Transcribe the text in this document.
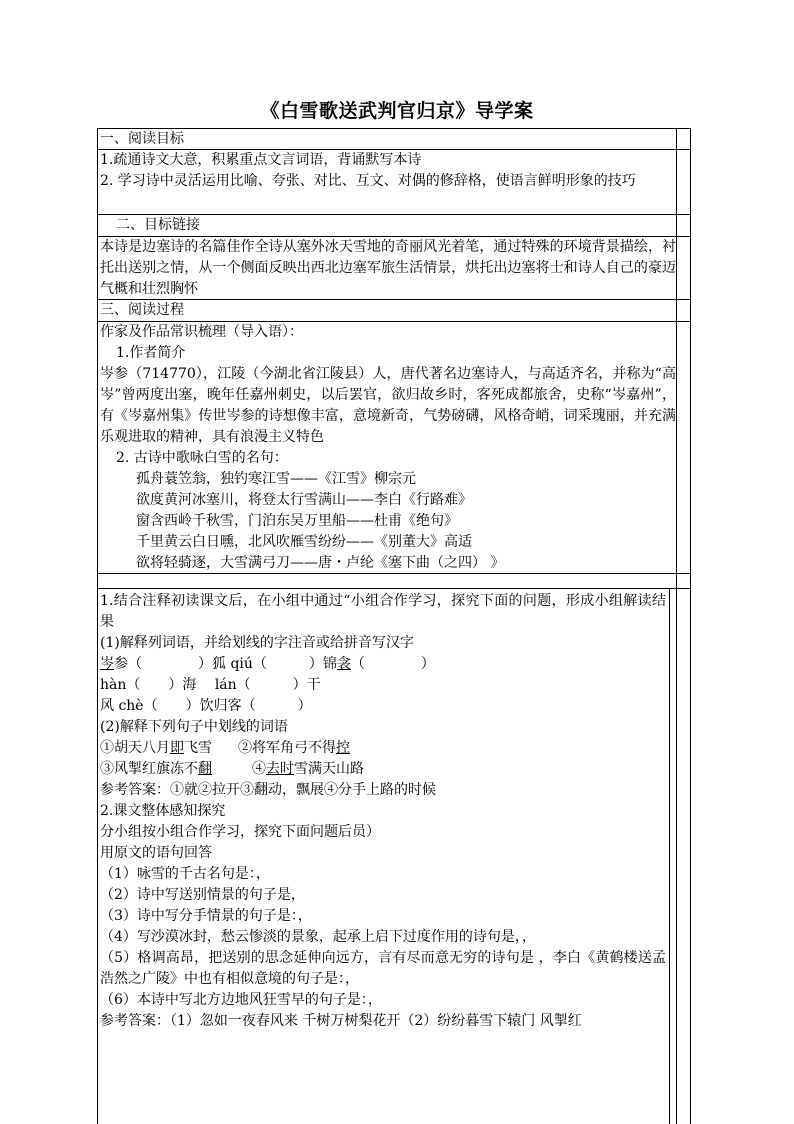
《白雪歌送武判官归京》导学案
一、阅读目标
1.疏通诗文大意，积累重点文言词语，背诵默写本诗
2. 学习诗中灵活运用比喻、夸张、对比、互文、对偶的修辞格，使语言鲜明形象的技巧
二、目标链接
本诗是边塞诗的名篇佳作全诗从塞外冰天雪地的奇丽风光着笔，通过特殊的环境背景描绘，衬托出送别之情，从一个侧面反映出西北边塞军旅生活情景，烘托出边塞将士和诗人自己的豪迈气概和壮烈胸怀
三、阅读过程
作家及作品常识梳理（导入语）：
1.作者简介
岑参（714770），江陵（今湖北省江陵县）人，唐代著名边塞诗人，与高适齐名，并称为“高岑”曾两度出塞，晚年任嘉州刺史，以后罢官，欲归故乡时，客死成都旅舍，史称“岑嘉州”，有《岑嘉州集》传世岑参的诗想像丰富，意境新奇，气势磅礴，风格奇峭，词采瑰丽，并充满乐观进取的精神，具有浪漫主义特色
2. 古诗中歌咏白雪的名句：
孤舟蓑笠翁，独钓寒江雪——《江雪》柳宗元
欲度黄河冰塞川，将登太行雪满山——李白《行路难》
窗含西岭千秋雪，门泊东吴万里船——杜甫《绝句》
千里黄云白日曛，北风吹雁雪纷纷——《别董大》高适
欲将轻骑逐，大雪满弓刀——唐・卢纶《塞下曲（之四） 》
1.结合注释初读课文后，在小组中通过“小组合作学习，探究下面的问题，形成小组解读结果
(1)解释列词语，并给划线的字注音或给拼音写汉字
岑参（　　　　）狐 qiú（　　　）锦衾（　　　　）
hàn（　　）海　 lán（　　　）干
风 chè（　　）饮归客（　　　）
(2)解释下列句子中划线的词语
①胡天八月即飞雪 ②将军角弓不得控
③风掣红旗冻不翻	④去时雪满天山路
参考答案：①就②拉开③翻动，飘展④分手上路的时候
2.课文整体感知探究
分小组按小组合作学习，探究下面问题后员）
用原文的语句回答
（1）咏雪的千古名句是：，
（2）诗中写送别情景的句子是，
（3）诗中写分手情景的句子是：，
（4）写沙漠冰封，愁云惨淡的景象，起承上启下过度作用的诗句是，，
（5）格调高昂，把送别的思念延伸向远方，言有尽而意无穷的诗句是 ，李白《黄鹤楼送孟浩然之广陵》中也有相似意境的句子是：，
（6）本诗中写北方边地风狂雪早的句子是：，
参考答案：（1）忽如一夜春风来 千树万树梨花开（2）纷纷暮雪下辕门 风掣红
